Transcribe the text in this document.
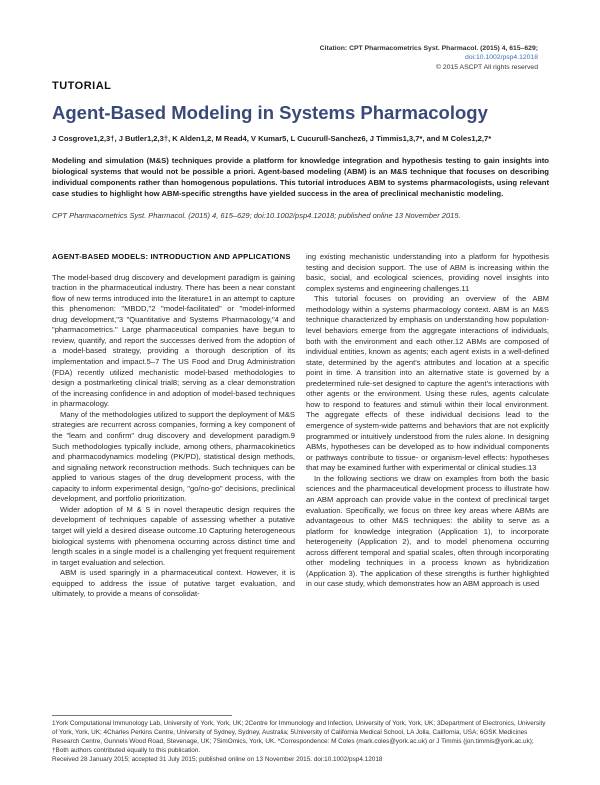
Citation: CPT Pharmacometrics Syst. Pharmacol. (2015) 4, 615–629; doi:10.1002/psp4.12018
© 2015 ASCPT All rights reserved
TUTORIAL
Agent-Based Modeling in Systems Pharmacology
J Cosgrove1,2,3†, J Butler1,2,3†, K Alden1,2, M Read4, V Kumar5, L Cucurull-Sanchez6, J Timmis1,3,7*, and M Coles1,2,7*
Modeling and simulation (M&S) techniques provide a platform for knowledge integration and hypothesis testing to gain insights into biological systems that would not be possible a priori. Agent-based modeling (ABM) is an M&S technique that focuses on describing individual components rather than homogenous populations. This tutorial introduces ABM to systems pharmacologists, using relevant case studies to highlight how ABM-specific strengths have yielded success in the area of preclinical mechanistic modeling.
CPT Pharmacometrics Syst. Pharmacol. (2015) 4, 615–629; doi:10.1002/psp4.12018; published online 13 November 2015.
AGENT-BASED MODELS: INTRODUCTION AND APPLICATIONS

The model-based drug discovery and development paradigm is gaining traction in the pharmaceutical industry. There has been a near constant flow of new terms introduced into the literature1 in an attempt to capture this phenomenon: "MBDD,"2 "model-facilitated" or "model-informed drug development,"3 "Quantitative and Systems Pharmacology,"4 and "pharmacometrics." Large pharmaceutical companies have begun to review, quantify, and report the successes derived from the adoption of a model-based strategy, providing a thorough description of its implementation and impact.5–7 The US Food and Drug Administration (FDA) recently utilized mechanistic model-based methodologies to design a postmarketing clinical trial8; serving as a clear demonstration of the increasing confidence in and adoption of model-based techniques in pharmacology.

Many of the methodologies utilized to support the deployment of M&S strategies are recurrent across companies, forming a key component of the "learn and confirm" drug discovery and development paradigm.9 Such methodologies typically include, among others, pharmacokinetics and pharmacodynamics modeling (PK/PD), statistical design methods, and signaling network reconstruction methods. Such techniques can be applied to various stages of the drug development process, with the capacity to inform experimental design, "go/no-go" decisions, preclinical development, and portfolio prioritization.

Wider adoption of M & S in novel therapeutic design requires the development of techniques capable of assessing whether a putative target will yield a desired disease outcome.10 Capturing heterogeneous biological systems with phenomena occurring across distinct time and length scales in a single model is a challenging yet frequent requirement in target evaluation and selection.

ABM is used sparingly in a pharmaceutical context. However, it is equipped to address the issue of putative target evaluation, and ultimately, to provide a means of consolidat-

ing existing mechanistic understanding into a platform for hypothesis testing and decision support. The use of ABM is increasing within the basic, social, and ecological sciences, providing novel insights into complex systems and engineering challenges.11

This tutorial focuses on providing an overview of the ABM methodology within a systems pharmacology context. ABM is an M&S technique characterized by emphasis on understanding how population-level behaviors emerge from the aggregate interactions of individuals, both with the environment and each other.12 ABMs are composed of individual entities, known as agents; each agent exists in a well-defined state, determined by the agent's attributes and location at a specific point in time. A transition into an alternative state is governed by a predetermined rule-set designed to capture the agent's interactions with other agents or the environment. Using these rules, agents calculate how to respond to features and stimuli within their local environment. The aggregate effects of these individual decisions lead to the emergence of system-wide patterns and behaviors that are not explicitly programmed or intuitively understood from the rules alone. In designing ABMs, hypotheses can be developed as to how individual components or pathways contribute to tissue- or organism-level effects: hypotheses that may be examined further with experimental or clinical studies.13

In the following sections we draw on examples from both the basic sciences and the pharmaceutical development process to illustrate how an ABM approach can provide value in the context of preclinical target evaluation. Specifically, we focus on three key areas where ABMs are advantageous to other M&S techniques: the ability to serve as a platform for knowledge integration (Application 1), to incorporate heterogeneity (Application 2), and to model phenomena occurring across different temporal and spatial scales, often through incorporating other modeling techniques in a process known as hybridization (Application 3). The application of these strengths is further highlighted in our case study, which demonstrates how an ABM approach is used

1York Computational Immunology Lab, University of York, York, UK; 2Centre for Immunology and Infection, University of York, York, UK; 3Department of Electronics, University of York, York, UK; 4Charles Perkins Centre, University of Sydney, Sydney, Australia; 5University of California Medical School, LA Jolla, California, USA; 6GSK Medicines Research Centre, Gunnels Wood Road, Stevenage, UK; 7SimOmics, York, UK. *Correspondence: M Coles (mark.coles@york.ac.uk) or J Timmis (jon.timmis@york.ac.uk); †Both authors contributed equally to this publication.
Received 28 January 2015; accepted 31 July 2015; published online on 13 November 2015. doi:10.1002/psp4.12018
